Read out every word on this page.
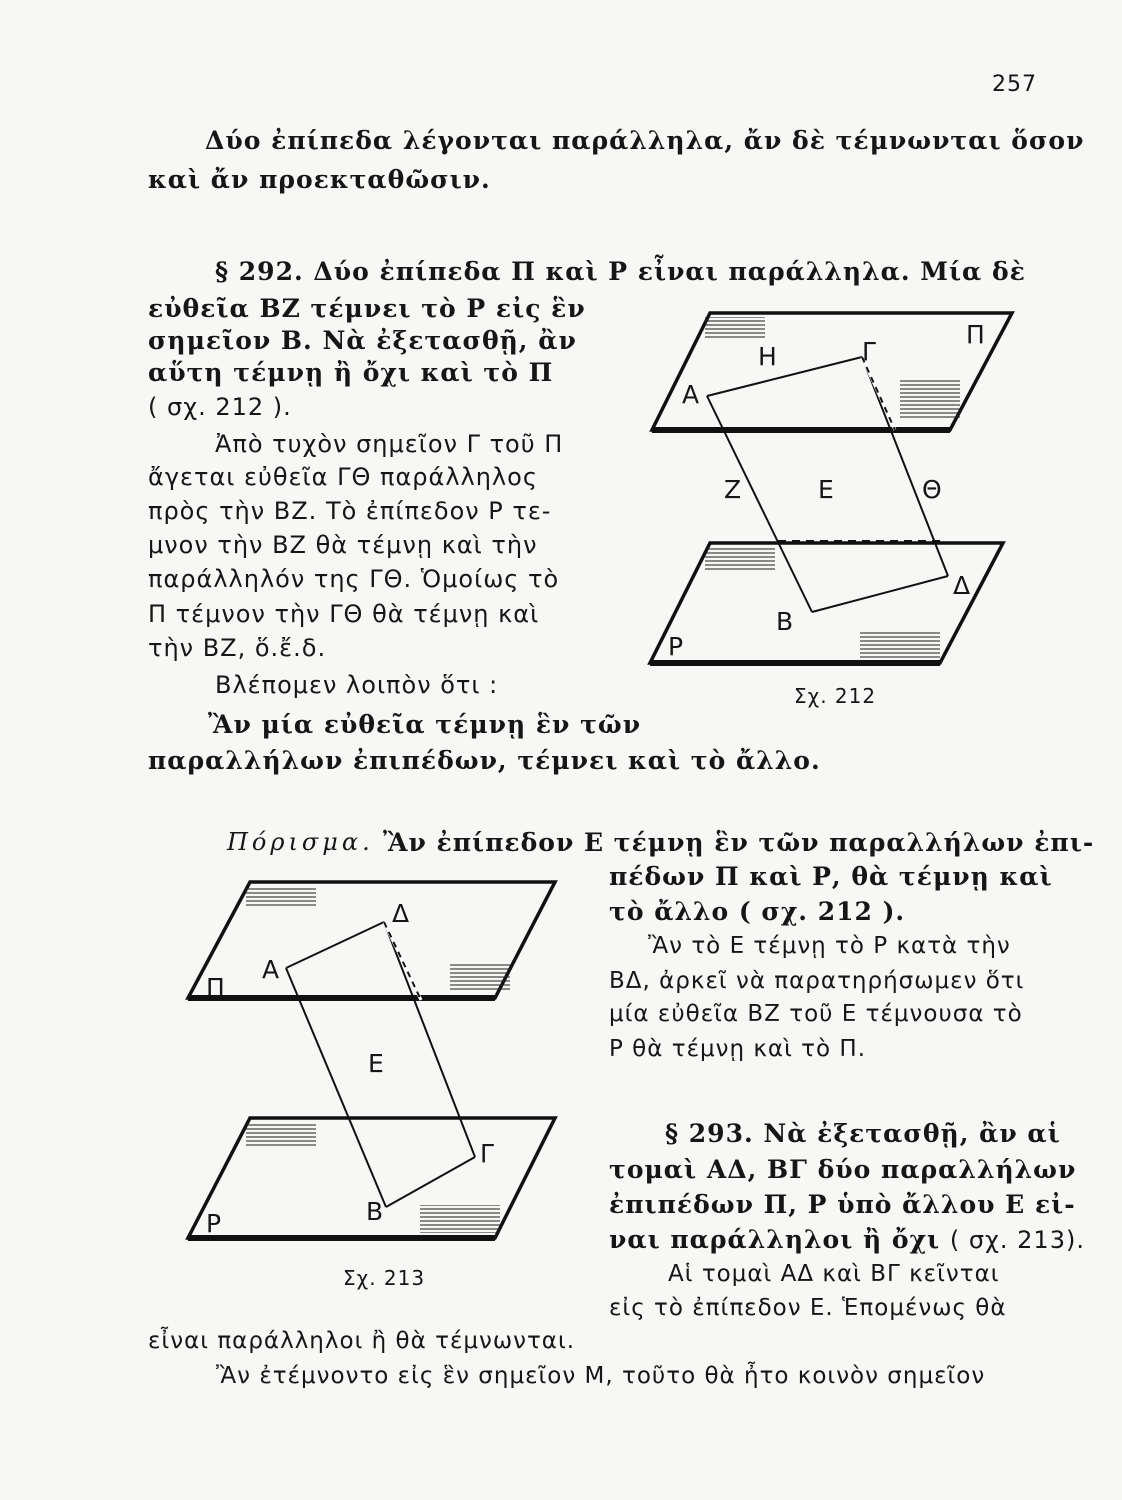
257
Δύο ἐπίπεδα λέγονται παράλληλα, ἄν δὲ τέμνωνται ὅσον
καὶ ἄν προεκταθῶσιν.
§ 292. Δύο ἐπίπεδα Π καὶ Ρ εἶναι παράλληλα. Μία δὲ
εὐθεῖα ΒΖ τέμνει τὸ Ρ εἰς ἓν
σημεῖον Β. Νὰ ἐξετασθῇ, ἂν
αὕτη τέμνῃ ἢ ὄχι καὶ τὸ Π
( σχ. 212 ).
Ἀπὸ τυχὸν σημεῖον Γ τοῦ Π
ἄγεται εὐθεῖα ΓΘ παράλληλος
πρὸς τὴν ΒΖ. Τὸ ἐπίπεδον Ρ τε-
μνον τὴν ΒΖ θὰ τέμνῃ καὶ τὴν
παράλληλόν της ΓΘ. Ὁμοίως τὸ
Π τέμνον τὴν ΓΘ θὰ τέμνῃ καὶ
τὴν ΒΖ, ὅ.ἔ.δ.
Βλέπομεν λοιπὸν ὅτι :
Ἂν μία εὐθεῖα τέμνῃ ἓν τῶν
παραλλήλων ἐπιπέδων, τέμνει καὶ τὸ ἄλλο.
Π
Η	Γ
Α
Ζ	Ε	Θ
Δ
Β
Ρ
Σχ. 212
Πόρισμα. Ἂν ἐπίπεδον Ε τέμνῃ ἓν τῶν παραλλήλων ἐπι-
πέδων Π καὶ Ρ, θὰ τέμνῃ καὶ
τὸ ἄλλο ( σχ. 212 ).
Ἂν τὸ Ε τέμνῃ τὸ Ρ κατὰ τὴν
ΒΔ, ἀρκεῖ νὰ παρατηρήσωμεν ὅτι
μία εὐθεῖα ΒΖ τοῦ Ε τέμνουσα τὸ
Ρ θὰ τέμνῃ καὶ τὸ Π.
Δ
Α
Π
Ε
Γ
Β
Ρ
Σχ. 213
§ 293. Νὰ ἐξετασθῇ, ἂν αἱ
τομαὶ ΑΔ, ΒΓ δύο παραλλήλων
ἐπιπέδων Π, Ρ ὑπὸ ἄλλου Ε εἰ-
ναι παράλληλοι ἢ ὄχι ( σχ. 213).
Αἱ τομαὶ ΑΔ καὶ ΒΓ κεῖνται
εἰς τὸ ἐπίπεδον Ε. Ἑπομένως θὰ
εἶναι παράλληλοι ἢ θὰ τέμνωνται.
Ἂν ἐτέμνοντο εἰς ἓν σημεῖον Μ, τοῦτο θὰ ἦτο κοινὸν σημεῖον
